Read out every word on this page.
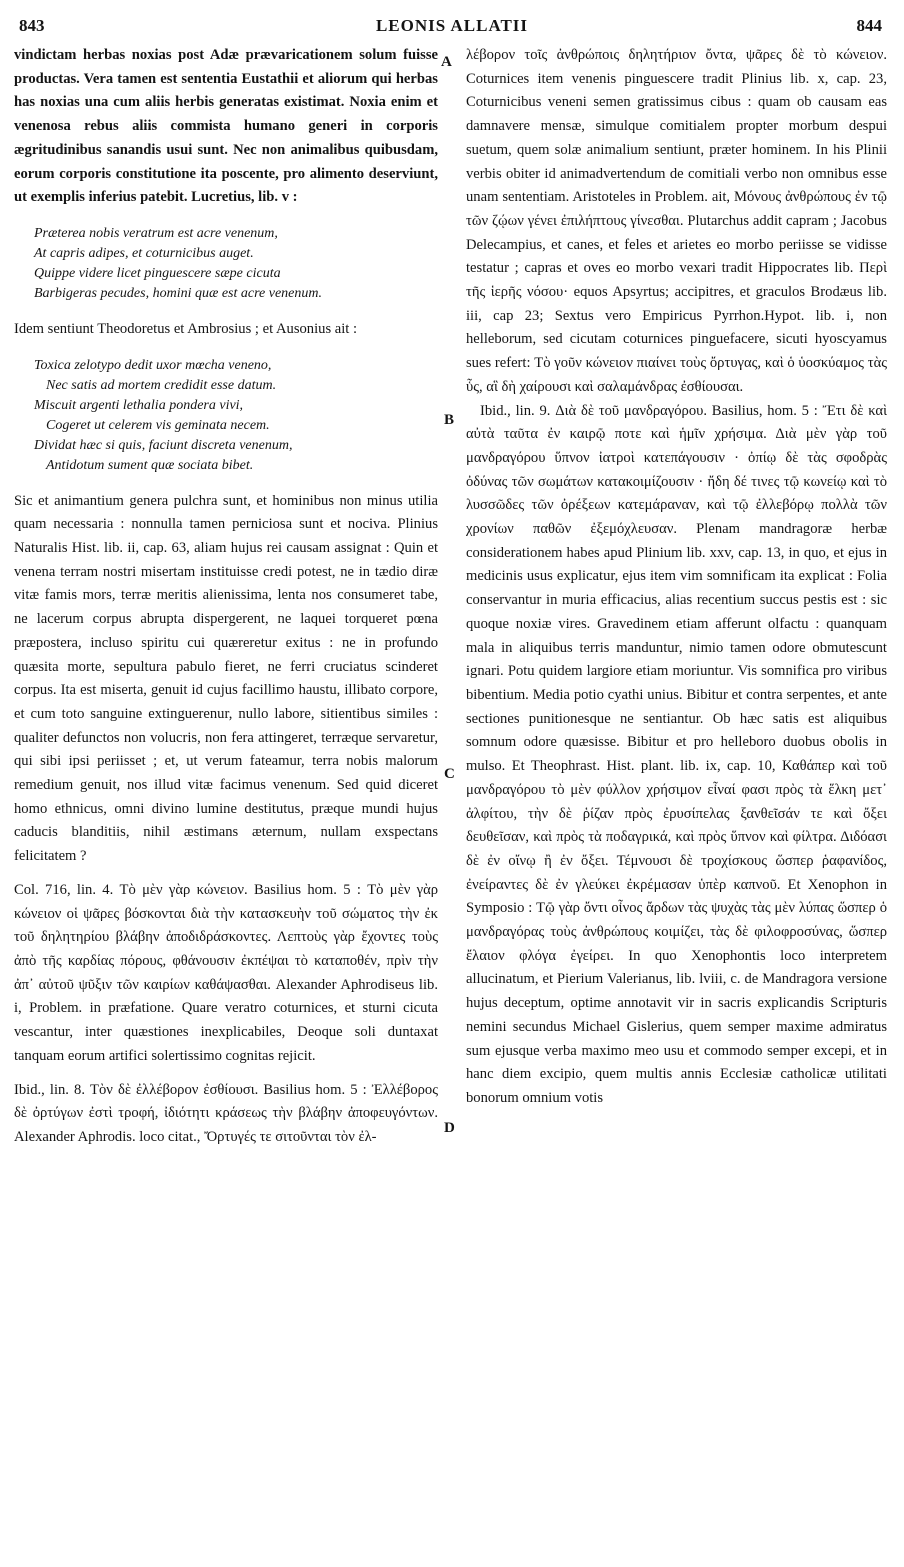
843	LEONIS ALLATII	844

vindictam herbas noxias post Adæ prævaricationem solum fuisse productas. Vera tamen est sententia Eustathii et aliorum qui herbas has noxias una cum aliis herbis generatas existimat. Noxia enim et venenosa rebus aliis commista humano generi in corporis ægritudinibus sanandis usui sunt. Nec non animalibus quibusdam, eorum corporis constitutione ita poscente, pro alimento deserviunt, ut exemplis inferius patebit. Lucretius, lib. v :

Præterea nobis veratrum est acre venenum,
At capris adipes, et coturnicibus auget.
Quippe videre licet pinguescere sæpe cicuta
Barbigeras pecudes, homini quæ est acre venenum.

Idem sentiunt Theodoretus et Ambrosius ; et Ausonius ait :

Toxica zelotypo dedit uxor mœcha veneno,
Nec satis ad mortem credidit esse datum.
Miscuit argenti lethalia pondera vivi,
Cogeret ut celerem vis geminata necem.
Dividat hæc si quis, faciunt discreta venenum,
Antidotum sument quæ sociata bibet.

Sic et animantium genera pulchra sunt, et hominibus non minus utilia quam necessaria : nonnulla tamen perniciosa sunt et nociva. Plinius Naturalis Hist. lib. ii, cap. 63, aliam hujus rei causam assignat : Quin et venena terram nostri misertam instituisse credi potest, ne in tædio diræ vitæ famis mors, terræ meritis alienissima, lenta nos consumeret tabe, ne lacerum corpus abrupta dispergerent, ne laquei torqueret pœna præpostera, incluso spiritu cui quæreretur exitus : ne in profundo quæsita morte, sepultura pabulo fieret, ne ferri cruciatus scinderet corpus. Ita est miserta, genuit id cujus facillimo haustu, illibato corpore, et cum toto sanguine extinguerenur, nullo labore, sitientibus similes : qualiter defunctos non volucris, non fera attingeret, terræque servaretur, qui sibi ipsi periisset ; et, ut verum fateamur, terra nobis malorum remedium genuit, nos illud vitæ facimus venenum. Sed quid diceret homo ethnicus, omni divino lumine destitutus, præque mundi hujus caducis blanditiis, nihil æstimans æternum, nullam exspectans felicitatem ?

Col. 716, lin. 4. Τὸ μὲν γὰρ κώνειον. Basilius hom. 5 : Τὸ μὲν γὰρ κώνειον οἱ ψᾶρες βόσκονται διὰ τὴν κατασκευὴν τοῦ σώματος τὴν ἐκ τοῦ δηλητηρίου βλάβην ἀποδιδράσκοντες. Λεπτοὺς γὰρ ἔχοντες τοὺς ἀπὸ τῆς καρδίας πόρους, φθάνουσιν ἐκπέψαι τὸ καταποθέν, πρὶν τὴν ἀπ᾽ αὐτοῦ ψῦξιν τῶν καιρίων καθάψασθαι. Alexander Aphrodiseus lib. i, Problem. in præfatione. Quare veratro coturnices, et sturni cicuta vescantur, inter quæstiones inexplicabiles, Deoque soli duntaxat tanquam eorum artifici solertissimo cognitas rejicit.

Ibid., lin. 8. Τὸν δὲ ἐλλέβορον ἐσθίουσι. Basilius hom. 5 : Ἐλλέβορος δὲ ὀρτύγων ἐστὶ τροφή, ἰδιότητι κράσεως τὴν βλάβην ἀποφευγόντων. Alexander Aphrodis. loco citat., Ὄρτυγές τε σιτοῦνται τὸν ἐλ-

λέβορον τοῖς ἀνθρώποις δηλητήριον ὄντα, ψᾶρες δὲ τὸ κώνειον. Coturnices item venenis pinguescere tradit Plinius lib. x, cap. 23, Coturnicibus veneni semen gratissimus cibus : quam ob causam eas damnavere mensæ, simulque comitialem propter morbum despui suetum, quem solæ animalium sentiunt, præter hominem. In his Plinii verbis obiter id animadvertendum de comitiali verbo non omnibus esse unam sententiam. Aristoteles in Problem. ait, Μόνους ἀνθρώπους ἐν τῷ τῶν ζῴων γένει ἐπιλήπτους γίνεσθαι. Plutarchus addit capram ; Jacobus Delecampius, et canes, et feles et arietes eo morbo periisse se vidisse testatur ; capras et oves eo morbo vexari tradit Hippocrates lib. Περὶ τῆς ἱερῆς νόσου· equos Apsyrtus; accipitres, et graculos Brodæus lib. iii, cap 23; Sextus vero Empiricus Pyrrhon.Hypot. lib. i, non helleborum, sed cicutam coturnices pinguefacere, sicuti hyoscyamus sues refert: Τὸ γοῦν κώνειον πιαίνει τοὺς ὄρτυγας, καὶ ὁ ὑοσκύαμος τὰς ὗς, αἳ δὴ χαίρουσι καὶ σαλαμάνδρας ἐσθίουσαι.

Ibid., lin. 9. Διὰ δὲ τοῦ μανδραγόρου. Basilius, hom. 5 : Ἔτι δὲ καὶ αὐτὰ ταῦτα ἐν καιρῷ ποτε καὶ ἡμῖν χρήσιμα. Διὰ μὲν γὰρ τοῦ μανδραγόρου ὕπνον ἰατροὶ κατεπάγουσιν · ὀπίῳ δὲ τὰς σφοδρὰς ὀδύνας τῶν σωμάτων κατακοιμίζουσιν · ἤδη δέ τινες τῷ κωνείῳ καὶ τὸ λυσσῶδες τῶν ὀρέξεων κατεμάραναν, καὶ τῷ ἐλλεβόρῳ πολλὰ τῶν χρονίων παθῶν ἐξεμόχλευσαν. Plenam mandragoræ herbæ considerationem habes apud Plinium lib. xxv, cap. 13, in quo, et ejus in medicinis usus explicatur, ejus item vim somnificam ita explicat : Folia conservantur in muria efficacius, alias recentium succus pestis est : sic quoque noxiæ vires. Gravedinem etiam afferunt olfactu : quanquam mala in aliquibus terris manduntur, nimio tamen odore obmutescunt ignari. Potu quidem largiore etiam moriuntur. Vis somnifica pro viribus bibentium. Media potio cyathi unius. Bibitur et contra serpentes, et ante sectiones punitionesque ne sentiantur. Ob hæc satis est aliquibus somnum odore quæsisse. Bibitur et pro helleboro duobus obolis in mulso. Et Theophrast. Hist. plant. lib. ix, cap. 10, Καθάπερ καὶ τοῦ μανδραγόρου τὸ μὲν φύλλον χρήσιμον εἶναί φασι πρὸς τὰ ἕλκη μετ᾽ ἀλφίτου, τὴν δὲ ῥίζαν πρὸς ἐρυσίπελας ξανθεῖσάν τε καὶ ὄξει δευθεῖσαν, καὶ πρὸς τὰ ποδαγρικά, καὶ πρὸς ὕπνον καὶ φίλτρα. Διδόασι δὲ ἐν οἴνῳ ἢ ἐν ὄξει. Τέμνουσι δὲ τροχίσκους ὥσπερ ῥαφανίδος, ἐνείραντες δὲ ἐν γλεύκει ἐκρέμασαν ὑπὲρ καπνοῦ. Et Xenophon in Symposio : Τῷ γὰρ ὄντι οἶνος ἄρδων τὰς ψυχὰς τὰς μὲν λύπας ὥσπερ ὁ μανδραγόρας τοὺς ἀνθρώπους κοιμίζει, τὰς δὲ φιλοφροσύνας, ὥσπερ ἔλαιον φλόγα ἐγείρει. In quo Xenophontis loco interpretem allucinatum, et Pierium Valerianus, lib. lviii, c. de Mandragora versione hujus deceptum, optime annotavit vir in sacris explicandis Scripturis nemini secundus Michael Gislerius, quem semper maxime admiratus sum ejusque verba maximo meo usu et commodo semper excepi, et in hanc diem excipio, quem multis annis Ecclesiæ catholicæ utilitati bonorum omnium votis

A
B
C
D
